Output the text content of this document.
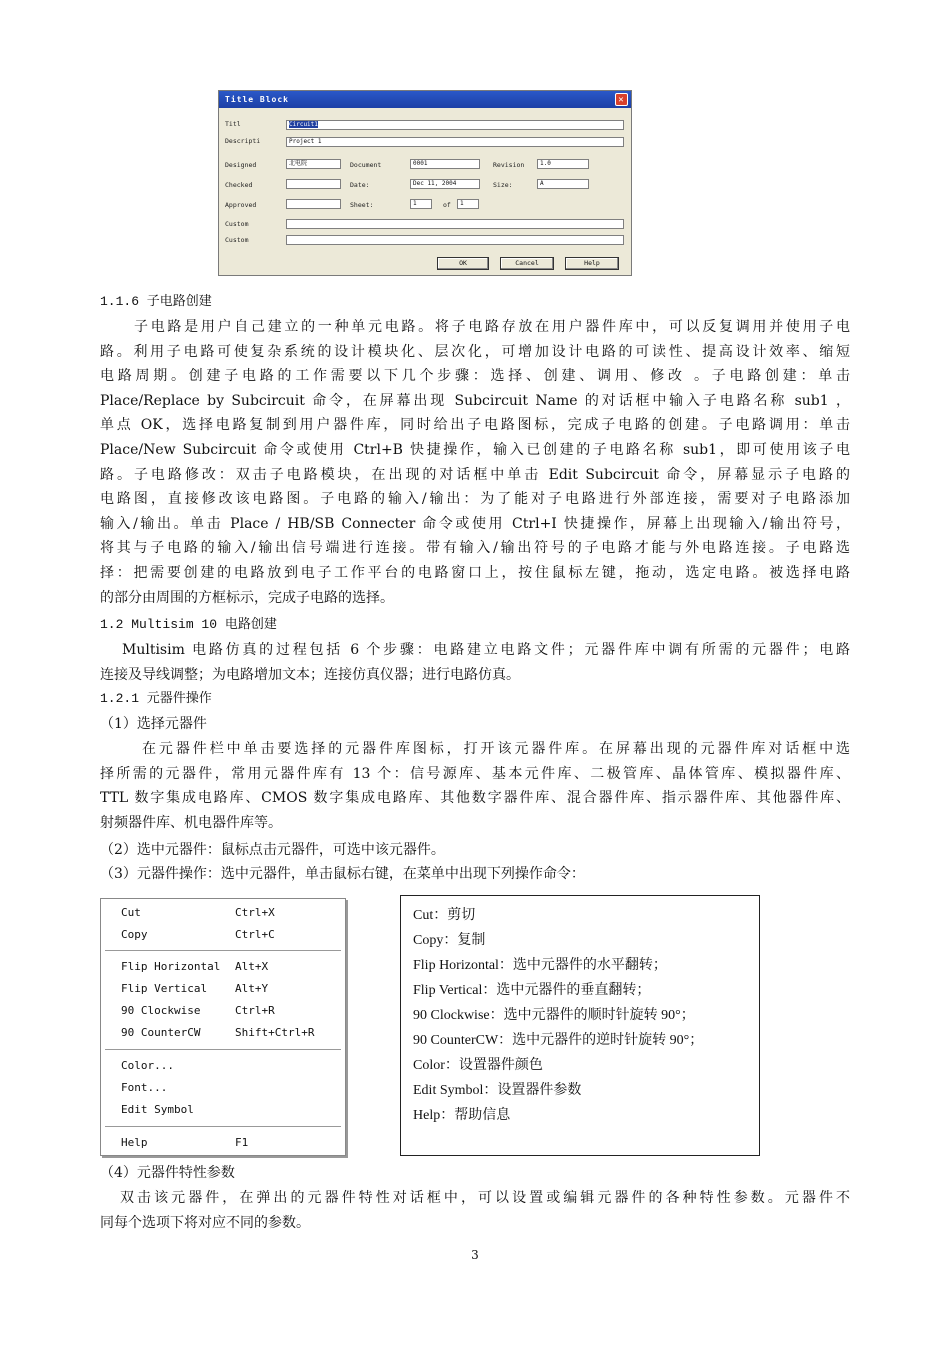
Title Block	✕
Titl	Circuit1
Descripti	Project 1
Designed	北电院	Document	0001	Revision	1.0
Checked	Date:	Dec 11, 2004	Size:	A
Approved	Sheet:	1	of	1
Custom
Custom
OK	Cancel	Help
1.1.6 子电路创建
子电路是用户自己建立的一种单元电路。将子电路存放在用户器件库中，可以反复调用并使用子电
路。利用子电路可使复杂系统的设计模块化、层次化，可增加设计电路的可读性、提高设计效率、缩短
电路周期。创建子电路的工作需要以下几个步骤：选择、创建、调用、修改 。子电路创建：单击
Place/Replace by Subcircuit 命令，在屏幕出现 Subcircuit Name 的对话框中输入子电路名称 sub1 ，
单点 OK，选择电路复制到用户器件库，同时给出子电路图标，完成子电路的创建。子电路调用：单击
Place/New Subcircuit 命令或使用 Ctrl+B 快捷操作，输入已创建的子电路名称 sub1，即可使用该子电
路。子电路修改：双击子电路模块，在出现的对话框中单击 Edit Subcircuit 命令，屏幕显示子电路的
电路图，直接修改该电路图。子电路的输入/输出：为了能对子电路进行外部连接，需要对子电路添加
输入/输出。单击 Place / HB/SB Connecter 命令或使用 Ctrl+I 快捷操作，屏幕上出现输入/输出符号，
将其与子电路的输入/输出信号端进行连接。带有输入/输出符号的子电路才能与外电路连接。子电路选
择：把需要创建的电路放到电子工作平台的电路窗口上，按住鼠标左键，拖动，选定电路。被选择电路
的部分由周围的方框标示，完成子电路的选择。
1.2 Multisim 10 电路创建
Multisim 电路仿真的过程包括 6 个步骤：电路建立电路文件；元器件库中调有所需的元器件；电路
连接及导线调整；为电路增加文本；连接仿真仪器；进行电路仿真。
1.2.1 元器件操作
（1）选择元器件
在元器件栏中单击要选择的元器件库图标，打开该元器件库。在屏幕出现的元器件库对话框中选
择所需的元器件，常用元器件库有 13 个：信号源库、基本元件库、二极管库、晶体管库、模拟器件库、
TTL 数字集成电路库、CMOS 数字集成电路库、其他数字器件库、混合器件库、指示器件库、其他器件库、
射频器件库、机电器件库等。
（2）选中元器件：鼠标点击元器件，可选中该元器件。
（3）元器件操作：选中元器件，单击鼠标右键，在菜单中出现下列操作命令：
Cut	Ctrl+X
Copy	Ctrl+C
Flip Horizontal Alt+X
Flip Vertical	Alt+Y
90 Clockwise	Ctrl+R
90 CounterCW	Shift+Ctrl+R
Color...
Font...
Edit Symbol
Help	F1
Cut：剪切
Copy：复制
Flip Horizontal：选中元器件的水平翻转；
Flip Vertical：选中元器件的垂直翻转；
90 Clockwise：选中元器件的顺时针旋转 90°；
90 CounterCW：选中元器件的逆时针旋转 90°；
Color：设置器件颜色
Edit Symbol：设置器件参数
Help：帮助信息
（4）元器件特性参数
双击该元器件，在弹出的元器件特性对话框中，可以设置或编辑元器件的各种特性参数。元器件不
同每个选项下将对应不同的参数。
3
